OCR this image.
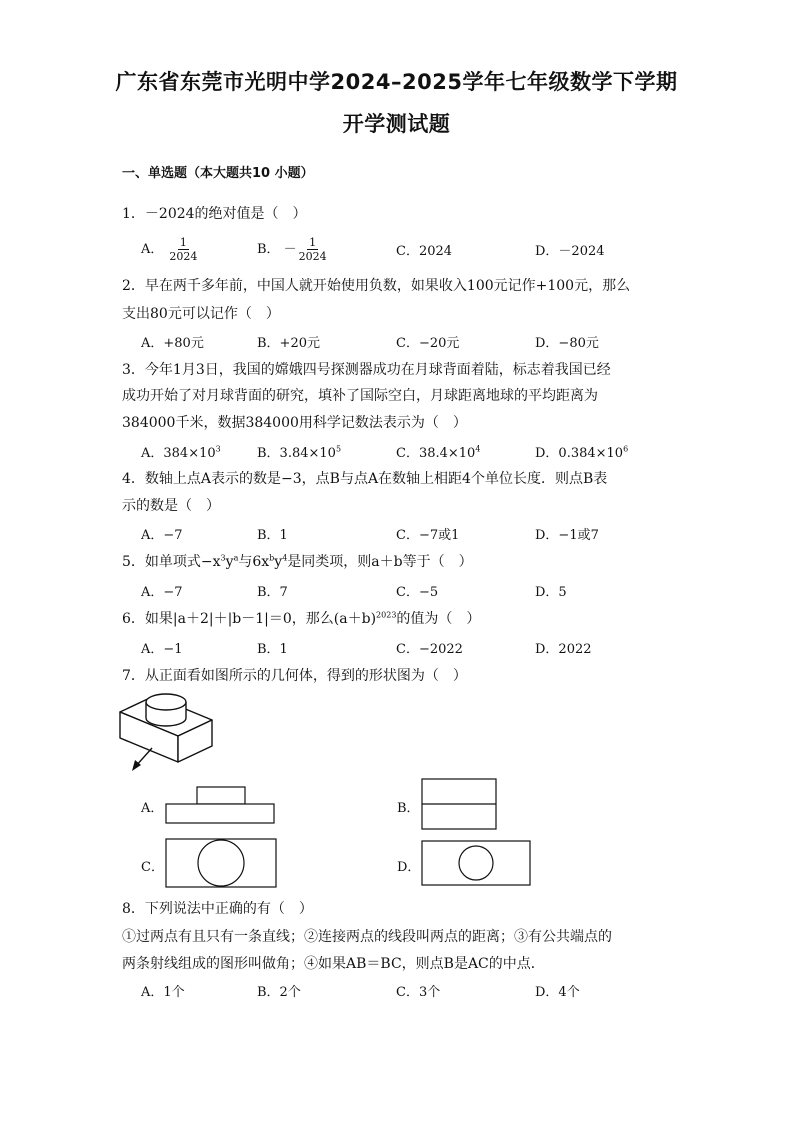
广东省东莞市光明中学2024–2025学年七年级数学下学期
开学测试题
一、单选题（本大题共10 小题）
1．－2024的绝对值是（　）
A． $\frac{1}{2024}$	B． － $\frac{1}{2024}$	C．2024	D．－2024
2．早在两千多年前，中国人就开始使用负数，如果收入100元记作+100元，那么
支出80元可以记作（　）
A．+80元	B．+20元	C．−20元	D．−80元
3．今年1月3日，我国的嫦娥四号探测器成功在月球背面着陆，标志着我国已经
成功开始了对月球背面的研究，填补了国际空白，月球距离地球的平均距离为
384000千米，数据384000用科学记数法表示为（　）
A．$384\times 10^3$	B．$3.84\times 10^5$	C．$38.4\times 10^4$	D．$0.384\times 10^6$
4．数轴上点A表示的数是−3，点B与点A在数轴上相距4个单位长度．则点B表
示的数是（　）
A．−7	B．1	C．−7或1	D．−1或7
5．如单项式$-x^3y^a$与$6x^by^4$是同类项，则a＋b等于（　）
A．−7	B．7	C．−5	D．5
6．如果|a＋2|＋|b－1|＝0，那么$(a+b)^{2023}$的值为（　）
A．−1	B．1	C．−2022	D．2022
7．从正面看如图所示的几何体，得到的形状图为（　）
A．	B．
C．	D．
8．下列说法中正确的有（　）
①过两点有且只有一条直线；②连接两点的线段叫两点的距离；③有公共端点的
两条射线组成的图形叫做角；④如果AB＝BC，则点B是AC的中点．
A．1个	B．2个	C．3个	D．4个
